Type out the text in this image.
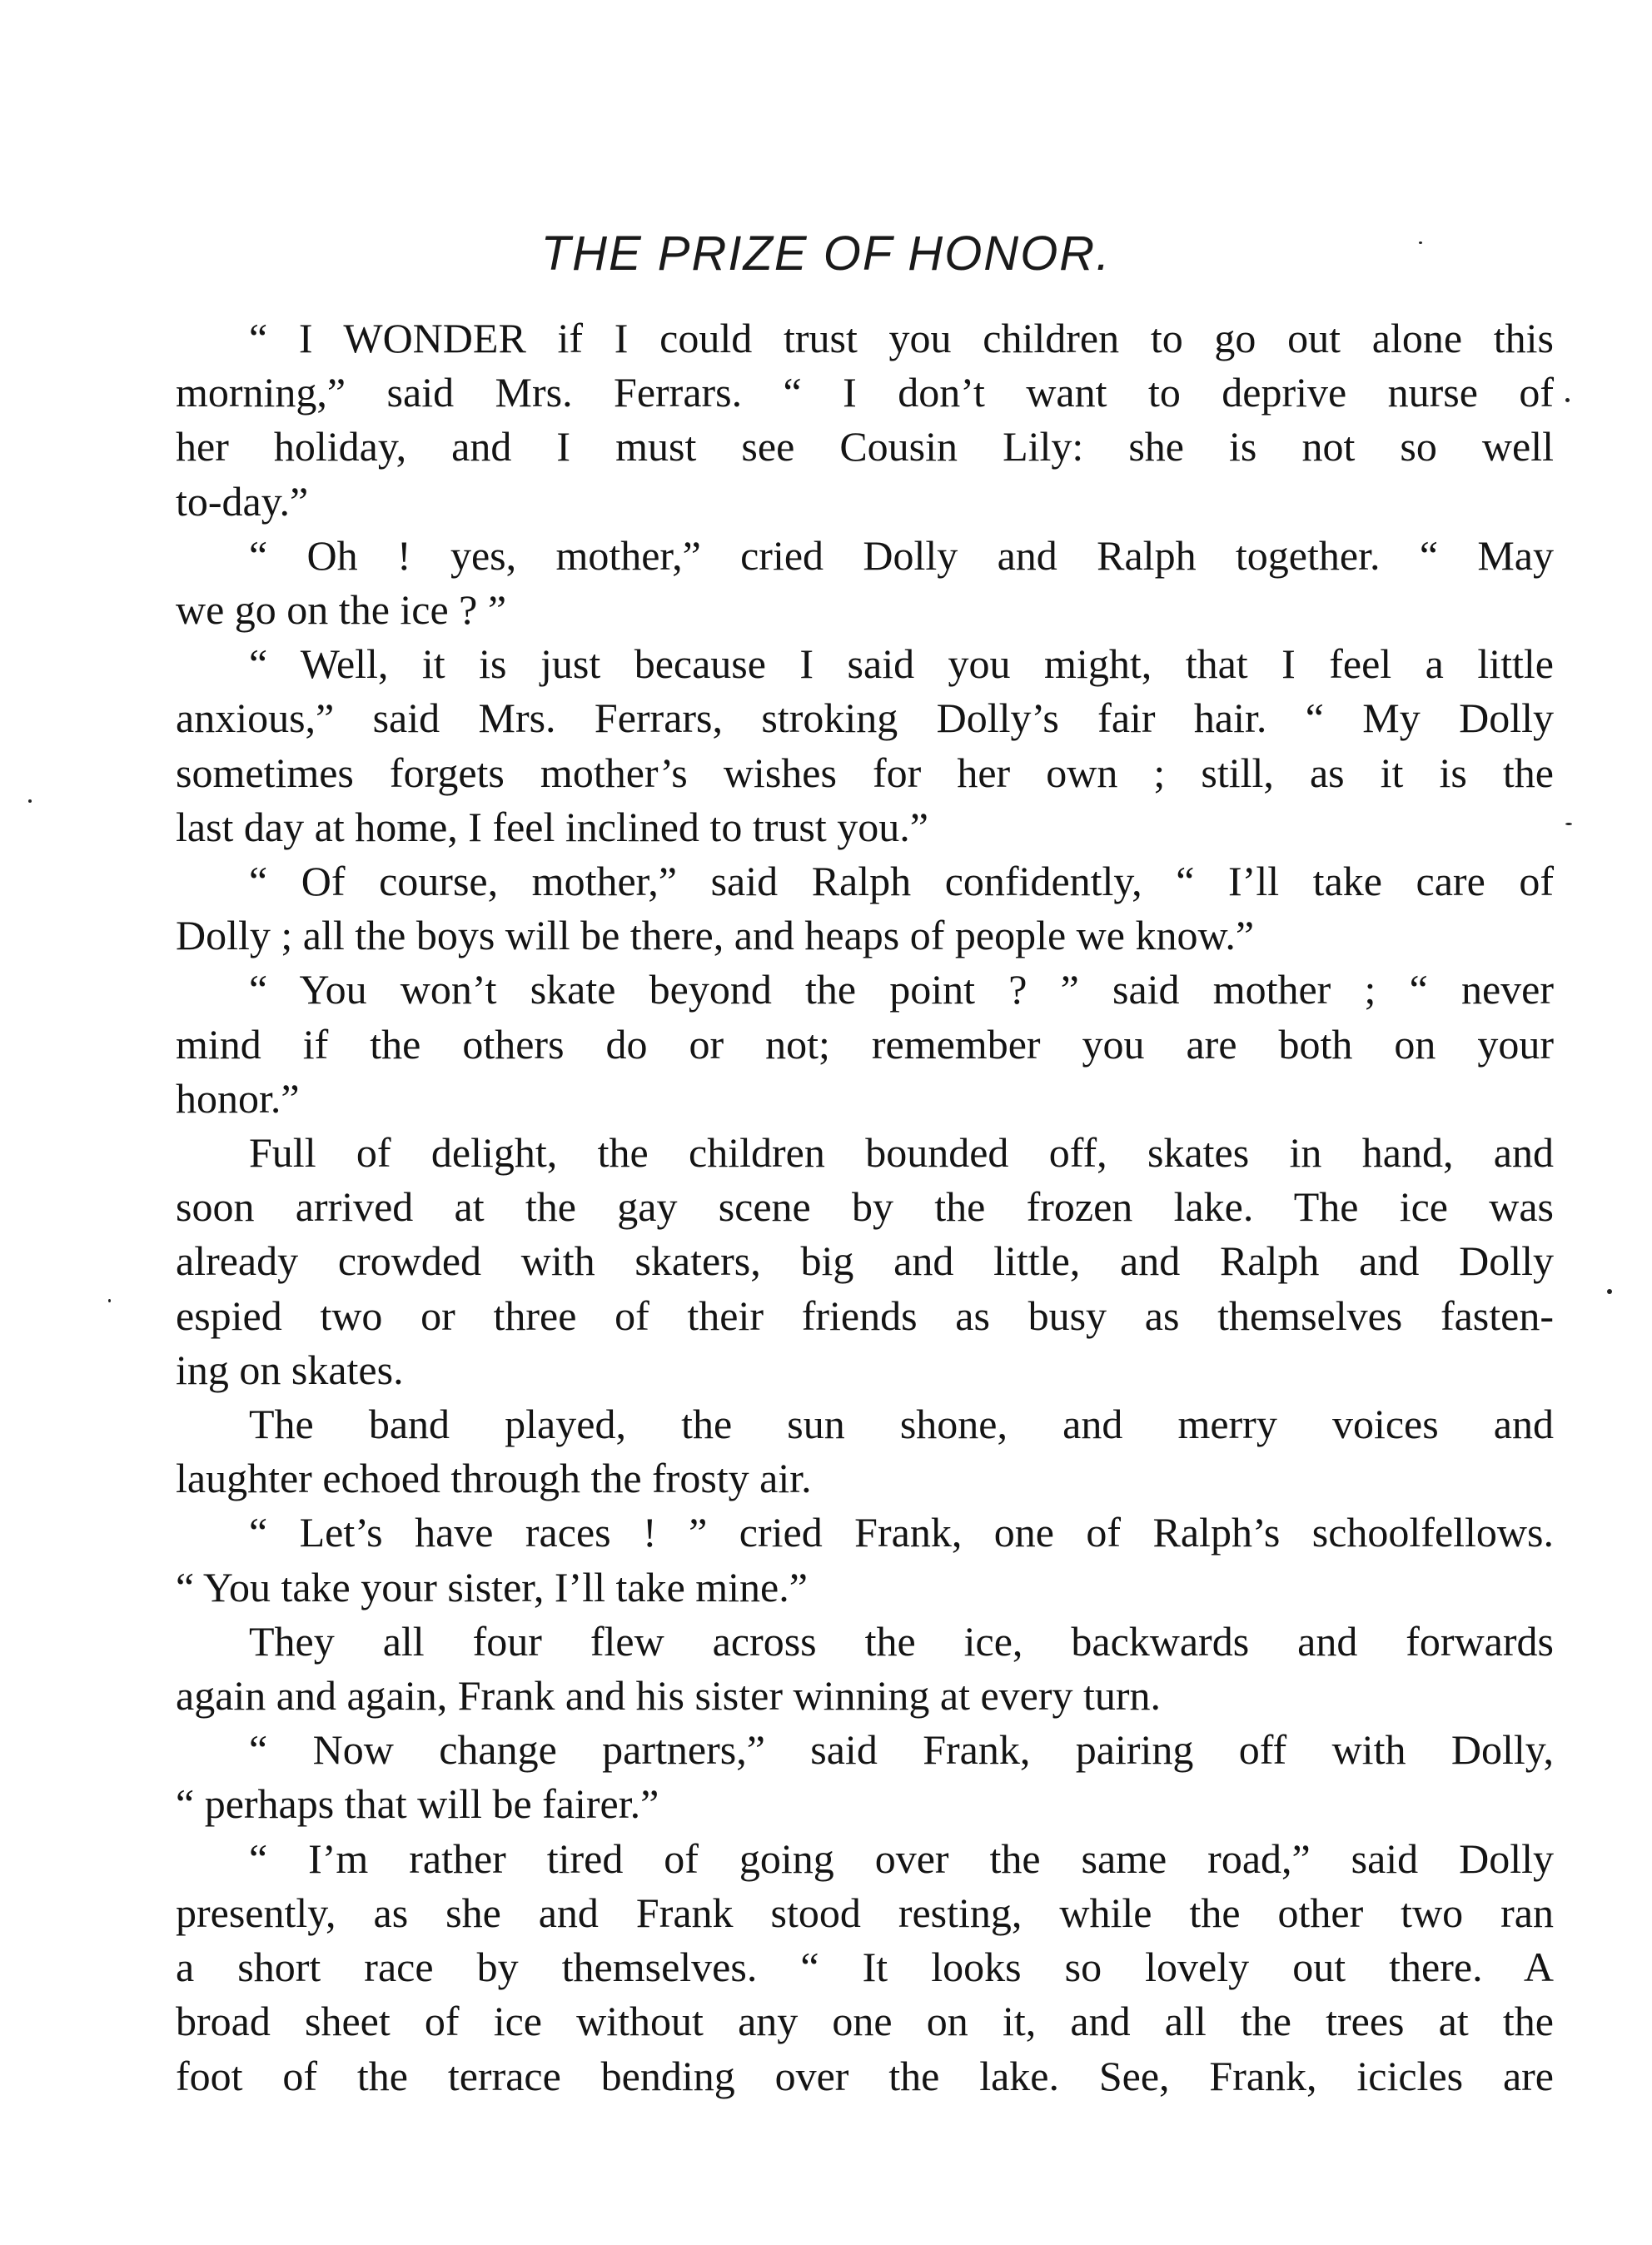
THE PRIZE OF HONOR.
“ I WONDER if I could trust you children to go out alone this
morning,” said Mrs. Ferrars. “ I don’t want to deprive nurse of
her holiday, and I must see Cousin Lily: she is not so well
to-day.”
“ Oh ! yes, mother,” cried Dolly and Ralph together. “ May
we go on the ice ? ”
“ Well, it is just because I said you might, that I feel a little
anxious,” said Mrs. Ferrars, stroking Dolly’s fair hair. “ My Dolly
sometimes forgets mother’s wishes for her own ; still, as it is the
last day at home, I feel inclined to trust you.”
“ Of course, mother,” said Ralph confidently, “ I’ll take care of
Dolly ; all the boys will be there, and heaps of people we know.”
“ You won’t skate beyond the point ? ” said mother ; “ never
mind if the others do or not; remember you are both on your
honor.”
Full of delight, the children bounded off, skates in hand, and
soon arrived at the gay scene by the frozen lake. The ice was
already crowded with skaters, big and little, and Ralph and Dolly
espied two or three of their friends as busy as themselves fasten-
ing on skates.
The band played, the sun shone, and merry voices and
laughter echoed through the frosty air.
“ Let’s have races ! ” cried Frank, one of Ralph’s schoolfellows.
“ You take your sister, I’ll take mine.”
They all four flew across the ice, backwards and forwards
again and again, Frank and his sister winning at every turn.
“ Now change partners,” said Frank, pairing off with Dolly,
“ perhaps that will be fairer.”
“ I’m rather tired of going over the same road,” said Dolly
presently, as she and Frank stood resting, while the other two ran
a short race by themselves. “ It looks so lovely out there. A
broad sheet of ice without any one on it, and all the trees at the
foot of the terrace bending over the lake. See, Frank, icicles are
